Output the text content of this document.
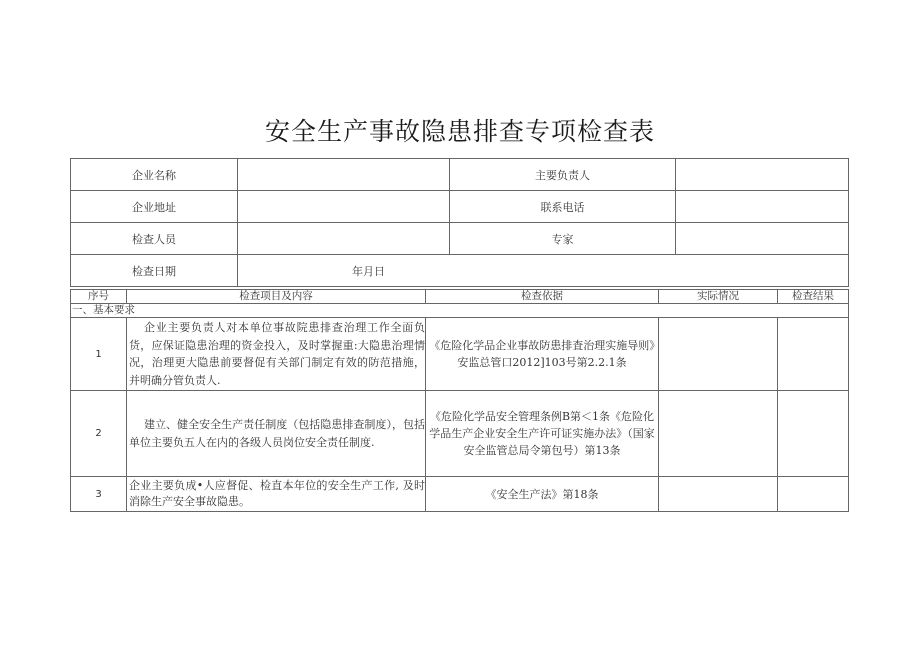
安全生产事故隐患排查专项检查表
企业名称		主要负责人	
企业地址		联系电话	
检查人员		专家	
检查日期	年月日		
序号	检查项目及内容	检查依据	实际情况	检查结果
一、基本要求				
1	企业主要负责人对本单位事故院患排查治理工作全面负货，应保证隐患治理的资金投入，及时掌握重:大隐患治理情况，治理更大隐患前要督促有关部门制定有效的防范措施，并明确分管负责人.	《危险化学品企业事故防患排査治理实施导则》安监总管口2012]103号第2.2.1条		
2	建立、健全安全生产责任制度（包括隐患排查制度），包括单位主要负五人在内的各级人员岗位安全责任制度.	《危险化学品安全管理条例B第＜1条《危险化学品生产企业安全生产许可证实施办法》（国家安全监管总局令第包号）第13条		
3	企业主要负成•人应督促、检直本年位的安全生产工作, 及时消除生产安全事故隐患。	《安全生产法》第18条		
